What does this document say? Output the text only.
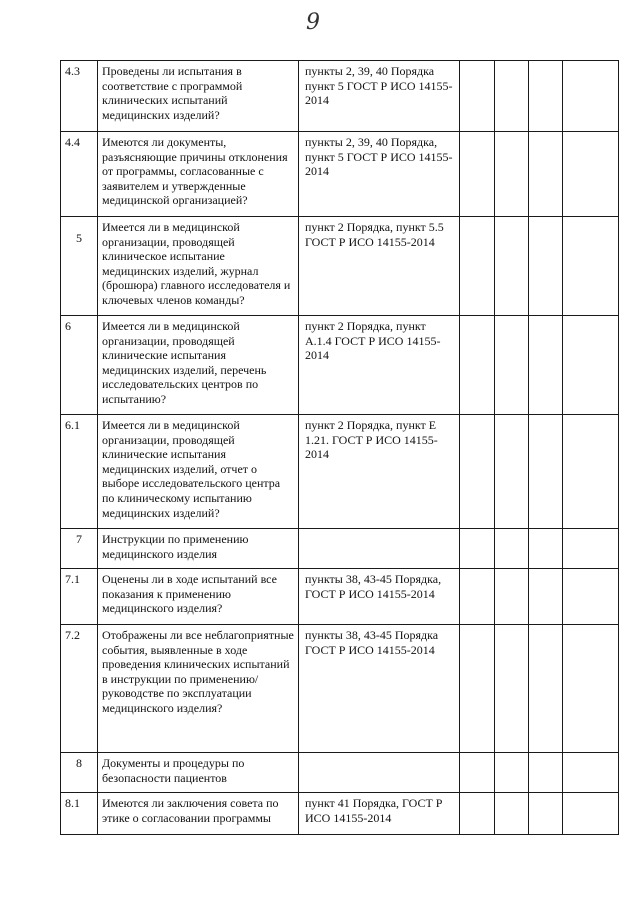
9
4.3	Проведены ли испытания в соответствие с программой клинических испытаний медицинских изделий?	пункты 2, 39, 40 Порядка пункт 5 ГОСТ Р ИСО 14155-2014				
4.4	Имеются ли документы, разъясняющие причины отклонения от программы, согласованные с заявителем и утвержденные медицинской организацией?	пункты 2, 39, 40 Порядка, пункт 5 ГОСТ Р ИСО 14155-2014				
5	Имеется ли в медицинской организации, проводящей клиническое испытание медицинских изделий, журнал (брошюра) главного исследователя и ключевых членов команды?	пункт 2 Порядка, пункт 5.5 ГОСТ Р ИСО 14155-2014				
6	Имеется ли в медицинской организации, проводящей клинические испытания медицинских изделий, перечень исследовательских центров по испытанию?	пункт 2 Порядка, пункт А.1.4 ГОСТ Р ИСО 14155-2014				
6.1	Имеется ли в медицинской организации, проводящей клинические испытания медицинских изделий, отчет о выборе исследовательского центра по клиническому испытанию медицинских изделий?	пункт 2 Порядка, пункт Е 1.21. ГОСТ Р ИСО 14155-2014				
7	Инструкции по применению медицинского изделия					
7.1	Оценены ли в ходе испытаний все показания к применению медицинского изделия?	пункты 38, 43-45 Порядка, ГОСТ Р ИСО 14155-2014				
7.2	Отображены ли все неблагоприятные события, выявленные в ходе проведения клинических испытаний в инструкции по применению/руководстве по эксплуатации медицинского изделия?	пункты 38, 43-45 Порядка ГОСТ Р ИСО 14155-2014				
8	Документы и процедуры по безопасности пациентов					
8.1	Имеются ли заключения совета по этике о согласовании программы	пункт 41 Порядка, ГОСТ Р ИСО 14155-2014				
